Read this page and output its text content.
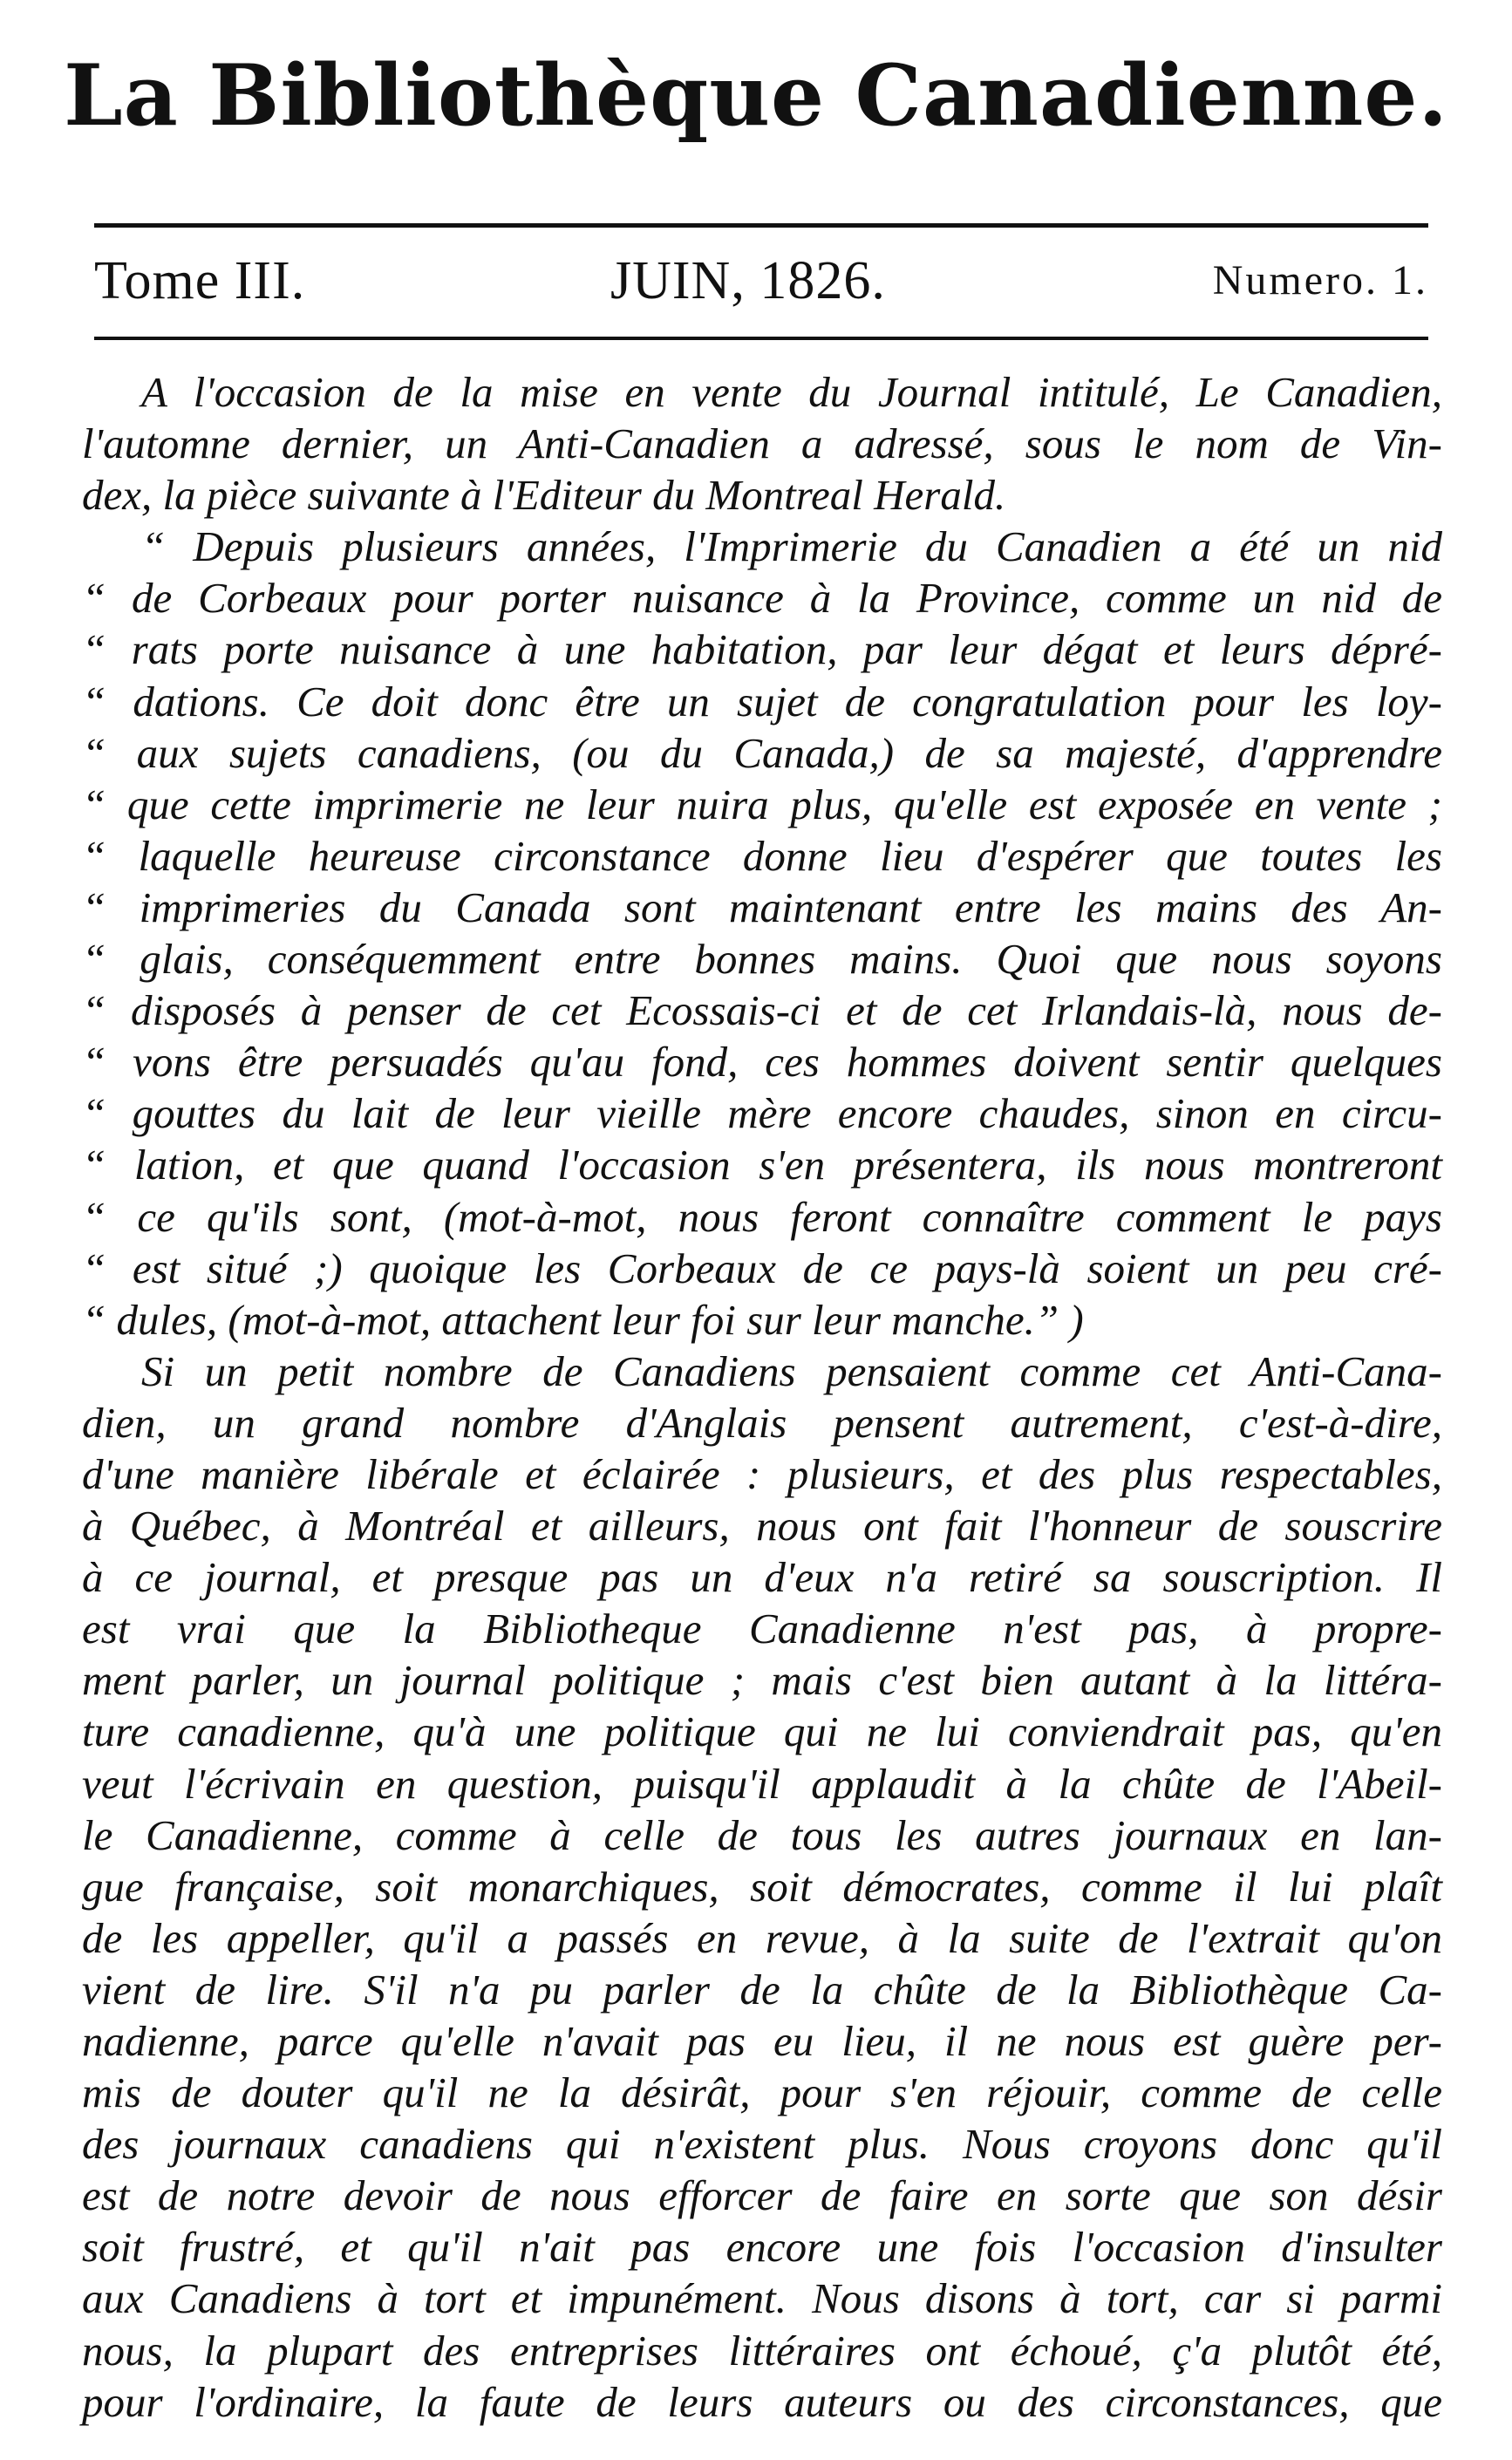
La Bibliothèque Canadienne.
Tome III.	JUIN, 1826.	Numero. 1.
A l'occasion de la mise en vente du Journal intitulé, Le Canadien,
l'automne dernier, un Anti-Canadien a adressé, sous le nom de Vin-
dex, la pièce suivante à l'Editeur du Montreal Herald.
“ Depuis plusieurs années, l'Imprimerie du Canadien a été un nid
“ de Corbeaux pour porter nuisance à la Province, comme un nid de
“ rats porte nuisance à une habitation, par leur dégat et leurs dépré-
“ dations. Ce doit donc être un sujet de congratulation pour les loy-
“ aux sujets canadiens, (ou du Canada,) de sa majesté, d'apprendre
“ que cette imprimerie ne leur nuira plus, qu'elle est exposée en vente ;
“ laquelle heureuse circonstance donne lieu d'espérer que toutes les
“ imprimeries du Canada sont maintenant entre les mains des An-
“ glais, conséquemment entre bonnes mains. Quoi que nous soyons
“ disposés à penser de cet Ecossais-ci et de cet Irlandais-là, nous de-
“ vons être persuadés qu'au fond, ces hommes doivent sentir quelques
“ gouttes du lait de leur vieille mère encore chaudes, sinon en circu-
“ lation, et que quand l'occasion s'en présentera, ils nous montreront
“ ce qu'ils sont, (mot-à-mot, nous feront connaître comment le pays
“ est situé ;) quoique les Corbeaux de ce pays-là soient un peu cré-
“ dules, (mot-à-mot, attachent leur foi sur leur manche.” )
Si un petit nombre de Canadiens pensaient comme cet Anti-Cana-
dien, un grand nombre d'Anglais pensent autrement, c'est-à-dire,
d'une manière libérale et éclairée : plusieurs, et des plus respectables,
à Québec, à Montréal et ailleurs, nous ont fait l'honneur de souscrire
à ce journal, et presque pas un d'eux n'a retiré sa souscription. Il
est vrai que la Bibliotheque Canadienne n'est pas, à propre-
ment parler, un journal politique ; mais c'est bien autant à la littéra-
ture canadienne, qu'à une politique qui ne lui conviendrait pas, qu'en
veut l'écrivain en question, puisqu'il applaudit à la chûte de l'Abeil-
le Canadienne, comme à celle de tous les autres journaux en lan-
gue française, soit monarchiques, soit démocrates, comme il lui plaît
de les appeller, qu'il a passés en revue, à la suite de l'extrait qu'on
vient de lire. S'il n'a pu parler de la chûte de la Bibliothèque Ca-
nadienne, parce qu'elle n'avait pas eu lieu, il ne nous est guère per-
mis de douter qu'il ne la désirât, pour s'en réjouir, comme de celle
des journaux canadiens qui n'existent plus. Nous croyons donc qu'il
est de notre devoir de nous efforcer de faire en sorte que son désir
soit frustré, et qu'il n'ait pas encore une fois l'occasion d'insulter
aux Canadiens à tort et impunément. Nous disons à tort, car si parmi
nous, la plupart des entreprises littéraires ont échoué, ç'a plutôt été,
pour l'ordinaire, la faute de leurs auteurs ou des circonstances, que
